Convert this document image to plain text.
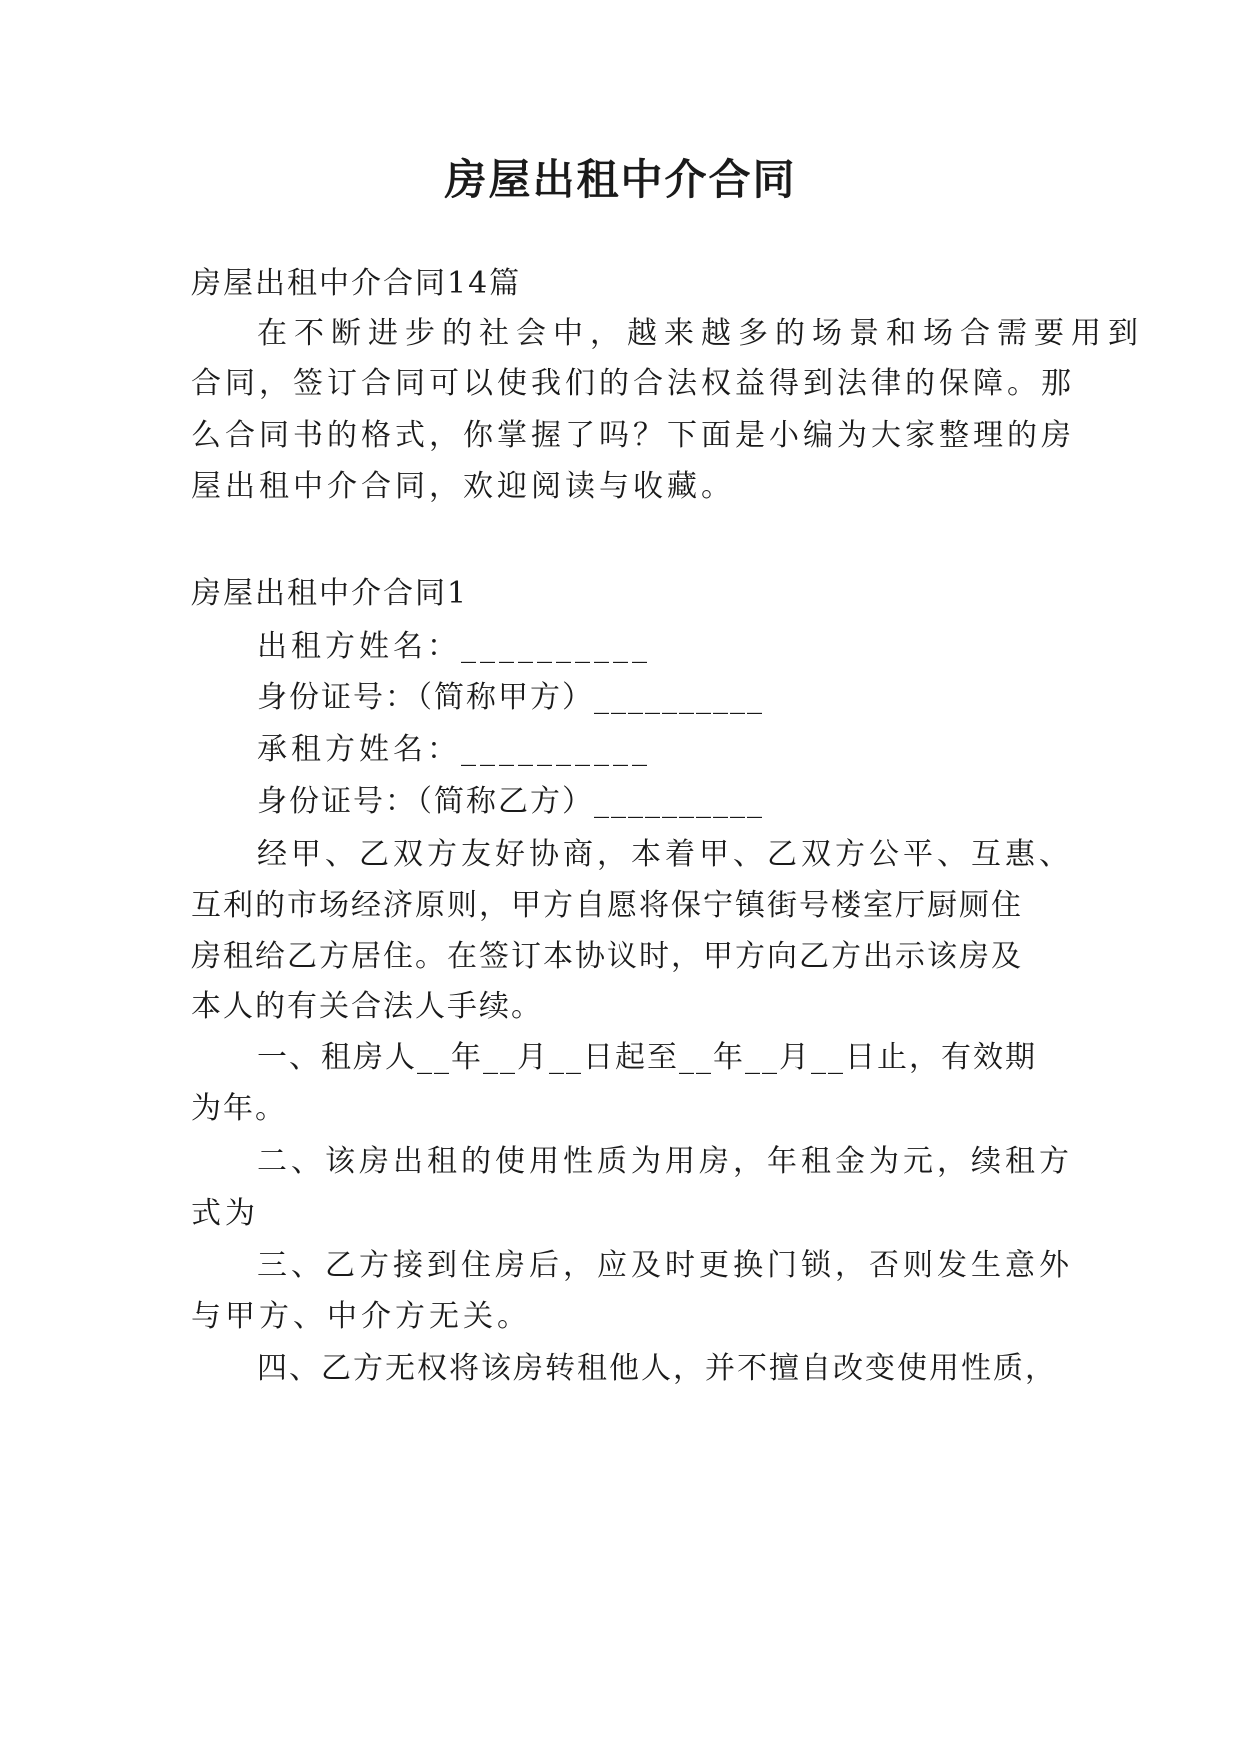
房屋出租中介合同

房屋出租中介合同14篇

在不断进步的社会中，越来越多的场景和场合需要用到

合同，签订合同可以使我们的合法权益得到法律的保障。那

么合同书的格式，你掌握了吗？下面是小编为大家整理的房

屋出租中介合同，欢迎阅读与收藏。

房屋出租中介合同1

出租方姓名：__________

身份证号：（简称甲方）__________

承租方姓名：__________

身份证号：（简称乙方）__________

经甲、乙双方友好协商，本着甲、乙双方公平、互惠、

互利的市场经济原则，甲方自愿将保宁镇街号楼室厅厨厕住

房租给乙方居住。在签订本协议时，甲方向乙方出示该房及

本人的有关合法人手续。

一、租房人__年__月__日起至__年__月__日止，有效期

为年。

二、该房出租的使用性质为用房，年租金为元，续租方

式为

三、乙方接到住房后，应及时更换门锁，否则发生意外

与甲方、中介方无关。

四、乙方无权将该房转租他人，并不擅自改变使用性质，
